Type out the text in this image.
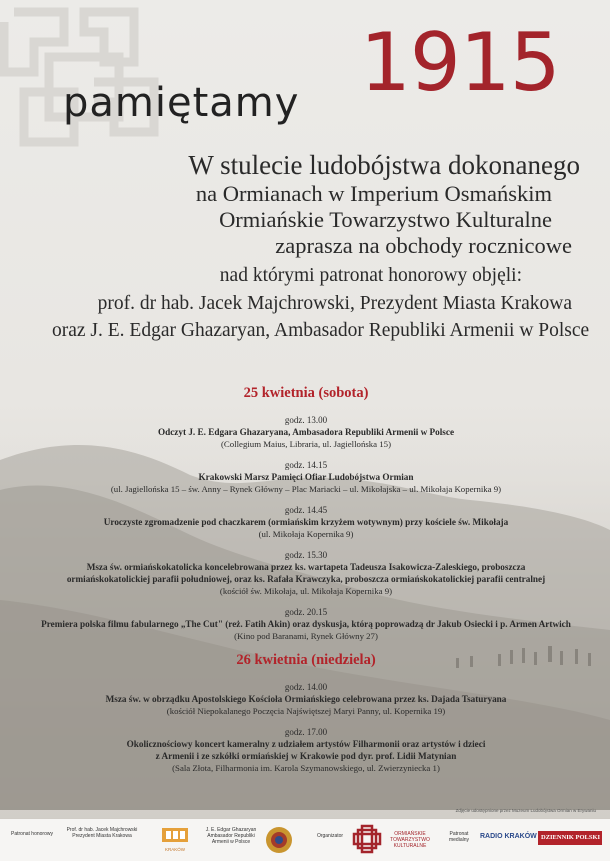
pamiętamy 1915
W stulecie ludobójstwa dokonanego
na Ormianach w Imperium Osmańskim
Ormiańskie Towarzystwo Kulturalne
zaprasza na obchody rocznicowe
nad którymi patronat honorowy objęli:
prof. dr hab. Jacek Majchrowski, Prezydent Miasta Krakowa
oraz J. E. Edgar Ghazaryan, Ambasador Republiki Armenii w Polsce
25 kwietnia (sobota)
godz. 13.00
Odczyt J. E. Edgara Ghazaryana, Ambasadora Republiki Armenii w Polsce
(Collegium Maius, Libraria, ul. Jagiellońska 15)
godz. 14.15
Krakowski Marsz Pamięci Ofiar Ludobójstwa Ormian
(ul. Jagiellońska 15 – św. Anny – Rynek Główny – Plac Mariacki – ul. Mikołajska – ul. Mikołaja Kopernika 9)
godz. 14.45
Uroczyste zgromadzenie pod chaczkarem (ormiańskim krzyżem wotywnym) przy kościele św. Mikołaja
(ul. Mikołaja Kopernika 9)
godz. 15.30
Msza św. ormiańskokatolicka koncelebrowana przez ks. wartapeta Tadeusza Isakowicza-Zaleskiego, proboszcza
ormiańskokatolickiej parafii południowej, oraz ks. Rafała Krawczyka, proboszcza ormiańskokatolickiej parafii centralnej
(kościół św. Mikołaja, ul. Mikołaja Kopernika 9)
godz. 20.15
Premiera polska filmu fabularnego „The Cut" (reż. Fatih Akin) oraz dyskusja, którą poprowadzą dr Jakub Osiecki i p. Armen Artwich
(Kino pod Baranami, Rynek Główny 27)
26 kwietnia (niedziela)
godz. 14.00
Msza św. w obrządku Apostolskiego Kościoła Ormiańskiego celebrowana przez ks. Dajada Tsaturyana
(kościół Niepokalanego Poczęcia Najświętszej Maryi Panny, ul. Kopernika 19)
godz. 17.00
Okolicznościowy koncert kameralny z udziałem artystów Filharmonii oraz artystów i dzieci
z Armenii i ze szkółki ormiańskiej w Krakowie pod dyr. prof. Lidii Matynian
(Sala Złota, Filharmonia im. Karola Szymanowskiego, ul. Zwierzyniecka 1)
Zdjęcie udostępnione przez Muzeum Ludobójstwa Ormian w Erywaniu
Patronat honorowy
Prof. dr hab. Jacek Majchrowski Prezydent Miasta Krakowa
KRAKÓW
J. E. Edgar Ghazaryan Ambasador Republiki Armenii w Polsce
Organizator	ORMIAŃSKIE TOWARZYSTWO KULTURALNE
Patronat medialny	RADIO KRAKÓW DZIENNIK POLSKI
